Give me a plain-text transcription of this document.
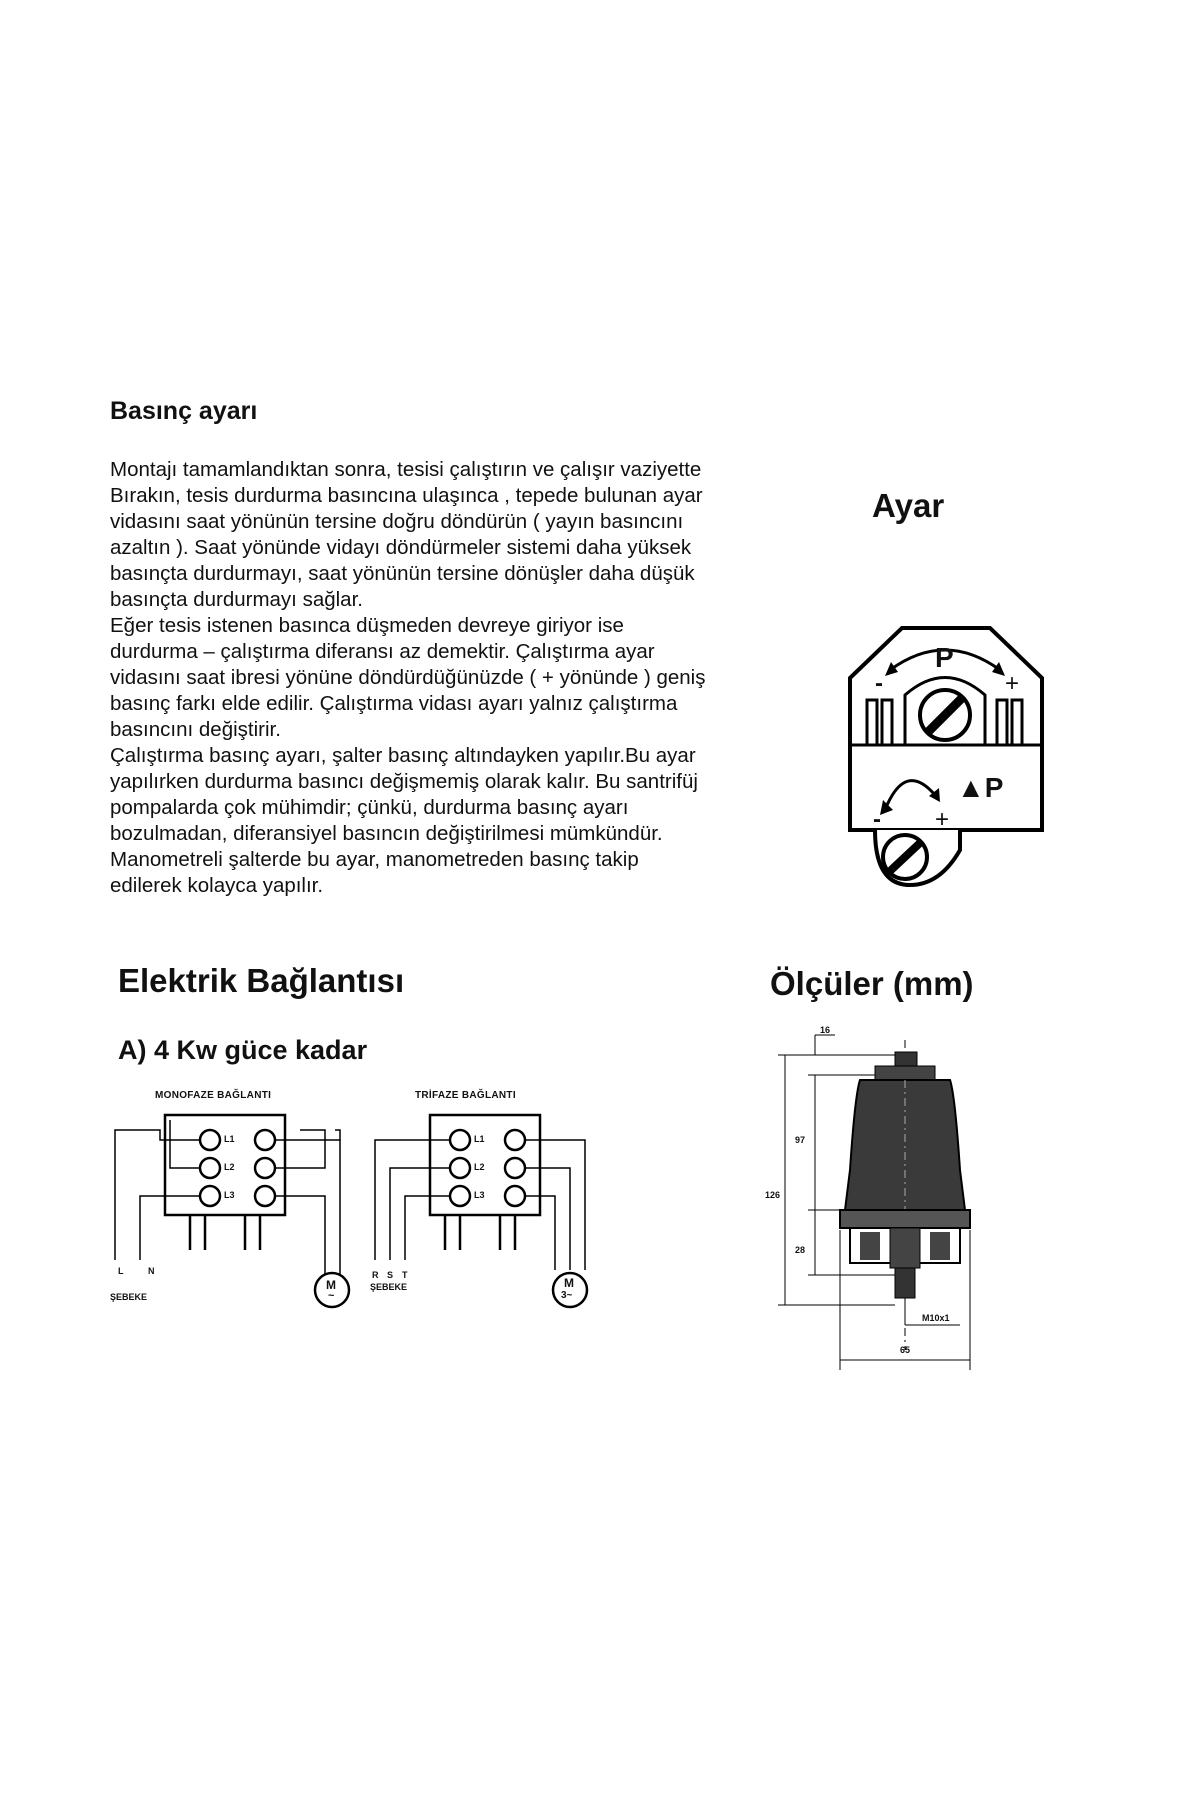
Basınç ayarı

Montajı tamamlandıktan sonra, tesisi çalıştırın ve çalışır vaziyette

Bırakın, tesis durdurma basıncına ulaşınca , tepede bulunan ayar

vidasını saat yönünün tersine doğru döndürün ( yayın basıncını

azaltın ). Saat yönünde vidayı döndürmeler sistemi daha yüksek

basınçta durdurmayı, saat yönünün tersine dönüşler daha düşük

basınçta durdurmayı sağlar.

Eğer tesis istenen basınca düşmeden devreye giriyor ise

durdurma – çalıştırma diferansı az demektir. Çalıştırma ayar

vidasını saat ibresi yönüne döndürdüğünüzde ( + yönünde ) geniş

basınç farkı elde edilir. Çalıştırma vidası ayarı yalnız çalıştırma

basıncını değiştirir.

Çalıştırma basınç ayarı, şalter basınç altındayken yapılır.Bu ayar

yapılırken durdurma basıncı değişmemiş olarak kalır. Bu santrifüj

pompalarda çok mühimdir; çünkü, durdurma basınç ayarı

bozulmadan, diferansiyel basıncın değiştirilmesi mümkündür.

Manometreli şalterde bu ayar, manometreden basınç takip

edilerek kolayca yapılır.

Ayar
P
-	+
▲P
- +
Elektrik Bağlantısı
A) 4 Kw güce kadar
MONOFAZE BAĞLANTI
L1
L2
L3
L	N
ŞEBEKE
M
~
TRİFAZE BAĞLANTI
L1
L2
L3
R S T
ŞEBEKE	M
3~
Ölçüler (mm)
16
97
126
28
M10x1
65
